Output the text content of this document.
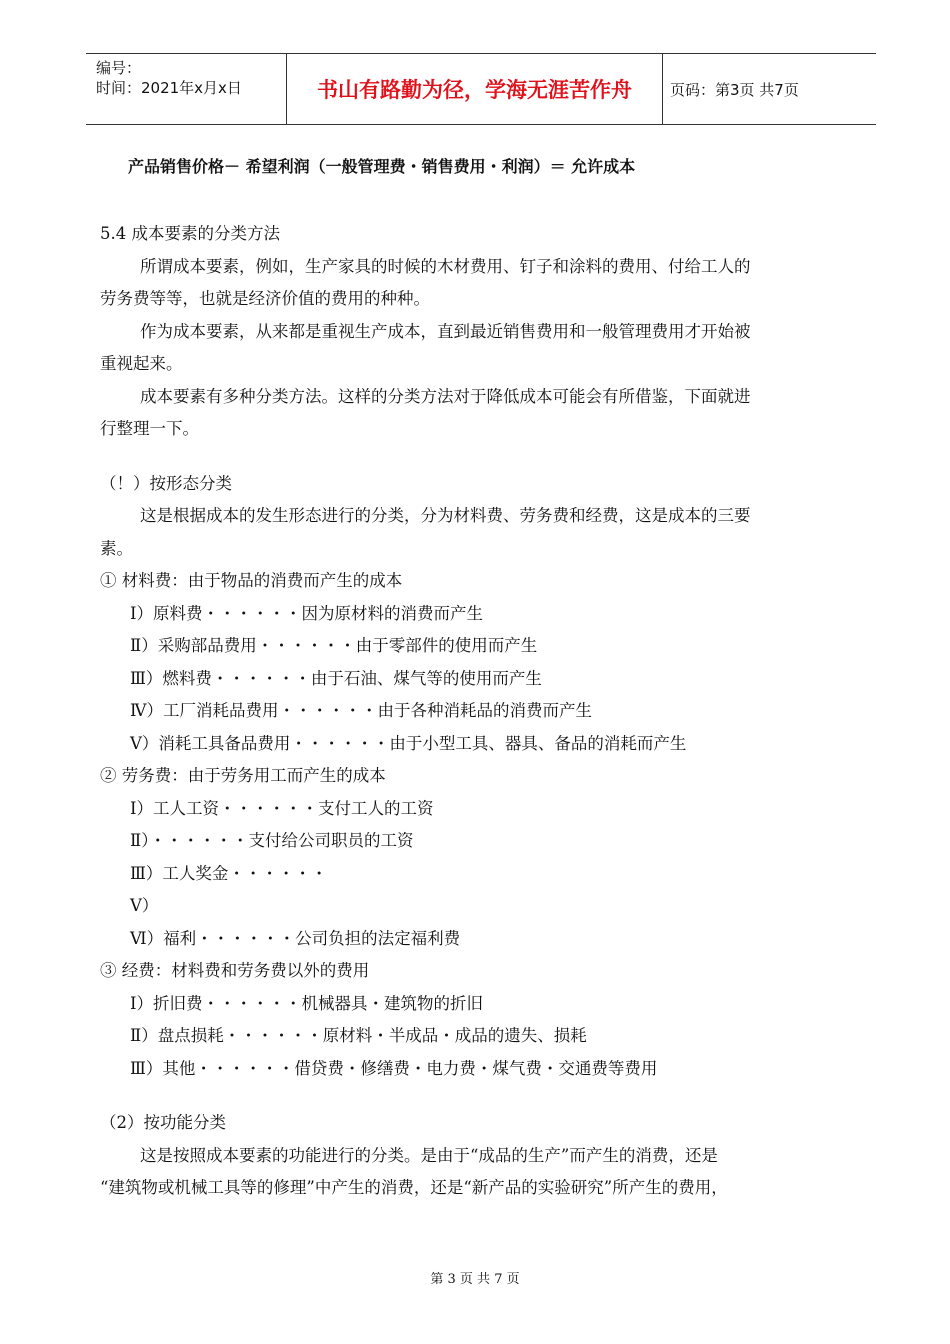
编号：
时间：2021年x月x日	书山有路勤为径，学海无涯苦作舟	页码：第3页 共7页
产品销售价格－ 希望利润（一般管理费・销售费用・利润）＝ 允许成本

5.4 成本要素的分类方法

所谓成本要素，例如，生产家具的时候的木材费用、钉子和涂料的费用、付给工人的

劳务费等等，也就是经济价值的费用的种种。

作为成本要素，从来都是重视生产成本，直到最近销售费用和一般管理费用才开始被

重视起来。

成本要素有多种分类方法。这样的分类方法对于降低成本可能会有所借鉴，下面就进

行整理一下。

（！）按形态分类

这是根据成本的发生形态进行的分类，分为材料费、劳务费和经费，这是成本的三要

素。

① 材料费：由于物品的消费而产生的成本

Ⅰ）原料费・・・・・・因为原材料的消费而产生

Ⅱ）采购部品费用・・・・・・由于零部件的使用而产生

Ⅲ）燃料费・・・・・・由于石油、煤气等的使用而产生

Ⅳ）工厂消耗品费用・・・・・・由于各种消耗品的消费而产生

Ⅴ）消耗工具备品费用・・・・・・由于小型工具、器具、备品的消耗而产生

② 劳务费：由于劳务用工而产生的成本

Ⅰ）工人工资・・・・・・支付工人的工资

Ⅱ）・・・・・・支付给公司职员的工资

Ⅲ）工人奖金・・・・・・

Ⅴ）

Ⅵ）福利・・・・・・公司负担的法定福利费

③ 经费：材料费和劳务费以外的费用

Ⅰ）折旧费・・・・・・机械器具・建筑物的折旧

Ⅱ）盘点损耗・・・・・・原材料・半成品・成品的遗失、损耗

Ⅲ）其他・・・・・・借贷费・修缮费・电力费・煤气费・交通费等费用

（2）按功能分类

这是按照成本要素的功能进行的分类。是由于“成品的生产”而产生的消费，还是

“建筑物或机械工具等的修理”中产生的消费，还是“新产品的实验研究”所产生的费用，

第 3 页 共 7 页
